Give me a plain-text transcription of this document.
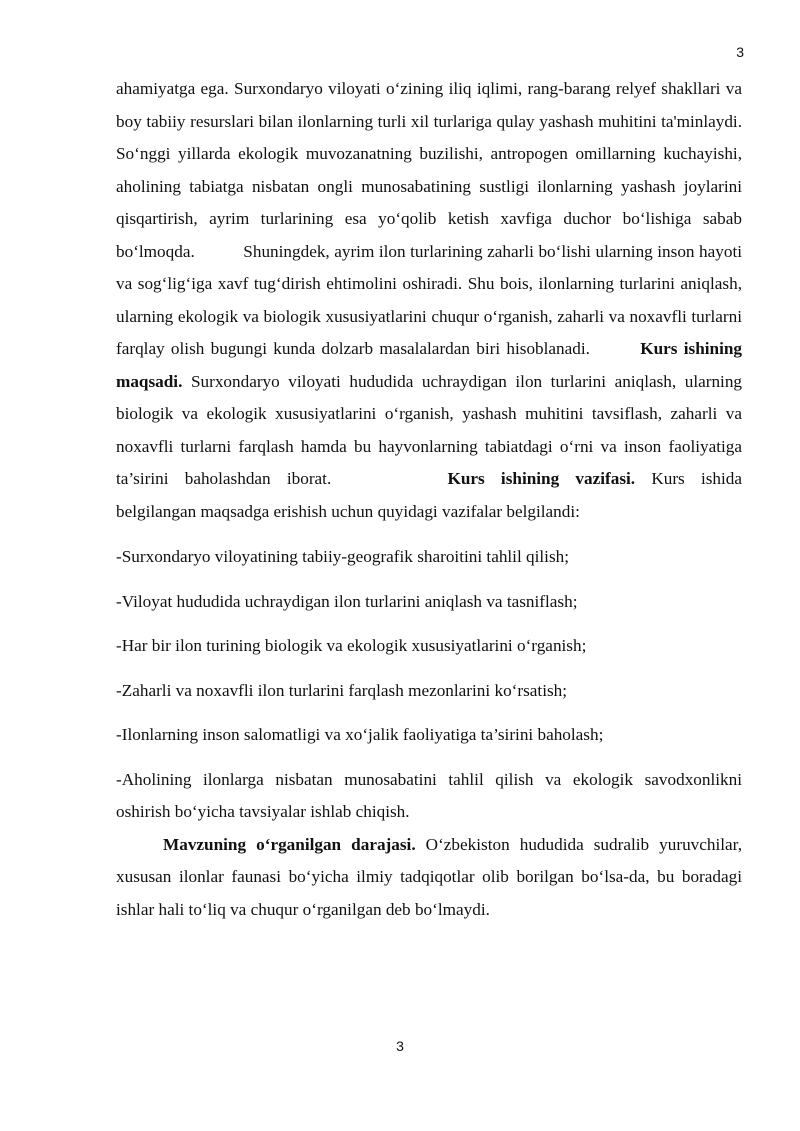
3

ahamiyatga ega. Surxondaryo viloyati o‘zining iliq iqlimi, rang-barang relyef shakllari va boy tabiiy resurslari bilan ilonlarning turli xil turlariga qulay yashash muhitini ta'minlaydi. So‘nggi yillarda ekologik muvozanatning buzilishi, antropogen omillarning kuchayishi, aholining tabiatga nisbatan ongli munosabatining sustligi ilonlarning yashash joylarini qisqartirish, ayrim turlarining esa yo‘qolib ketish xavfiga duchor bo‘lishiga sabab bo‘lmoqda.	Shuningdek, ayrim ilon turlarining zaharli bo‘lishi ularning inson hayoti va sog‘lig‘iga xavf tug‘dirish ehtimolini oshiradi. Shu bois, ilonlarning turlarini aniqlash, ularning ekologik va biologik xususiyatlarini chuqur o‘rganish, zaharli va noxavfli turlarni farqlay olish bugungi kunda dolzarb masalalardan biri hisoblanadi.	Kurs ishining maqsadi. Surxondaryo viloyati hududida uchraydigan ilon turlarini aniqlash, ularning biologik va ekologik xususiyatlarini o‘rganish, yashash muhitini tavsiflash, zaharli va noxavfli turlarni farqlash hamda bu hayvonlarning tabiatdagi o‘rni va inson faoliyatiga ta’sirini baholashdan iborat.	Kurs ishining vazifasi. Kurs ishida belgilangan maqsadga erishish uchun quyidagi vazifalar belgilandi:

-Surxondaryo viloyatining tabiiy-geografik sharoitini tahlil qilish;

-Viloyat hududida uchraydigan ilon turlarini aniqlash va tasniflash;

-Har bir ilon turining biologik va ekologik xususiyatlarini o‘rganish;

-Zaharli va noxavfli ilon turlarini farqlash mezonlarini ko‘rsatish;

-Ilonlarning inson salomatligi va xo‘jalik faoliyatiga ta’sirini baholash;

-Aholining ilonlarga nisbatan munosabatini tahlil qilish va ekologik savodxonlikni oshirish bo‘yicha tavsiyalar ishlab chiqish.

Mavzuning o‘rganilgan darajasi. O‘zbekiston hududida sudralib yuruvchilar, xususan ilonlar faunasi bo‘yicha ilmiy tadqiqotlar olib borilgan bo‘lsa-da, bu boradagi ishlar hali to‘liq va chuqur o‘rganilgan deb bo‘lmaydi.

3
